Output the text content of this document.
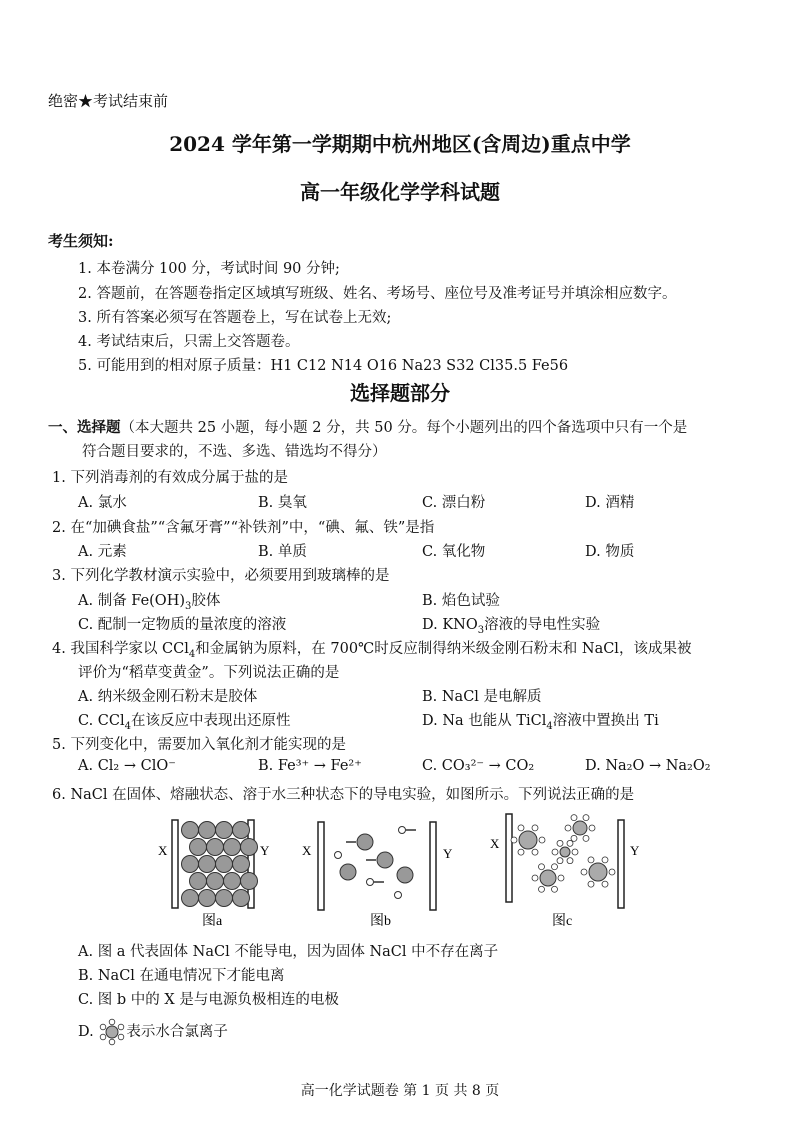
绝密★考试结束前
2024 学年第一学期期中杭州地区(含周边)重点中学
高一年级化学学科试题
考生须知:
1. 本卷满分 100 分，考试时间 90 分钟;
2. 答题前，在答题卷指定区域填写班级、姓名、考场号、座位号及准考证号并填涂相应数字。
3. 所有答案必须写在答题卷上，写在试卷上无效;
4. 考试结束后，只需上交答题卷。
5. 可能用到的相对原子质量：H1 C12 N14 O16 Na23 S32 Cl35.5 Fe56
选择题部分
一、选择题（本大题共 25 小题，每小题 2 分，共 50 分。每个小题列出的四个备选项中只有一个是
符合题目要求的，不选、多选、错选均不得分）
1. 下列消毒剂的有效成分属于盐的是
A. 氯水	B. 臭氧	C. 漂白粉	D. 酒精
2. 在“加碘食盐”“含氟牙膏”“补铁剂”中，“碘、氟、铁”是指
A. 元素	B. 单质	C. 氧化物	D. 物质
3. 下列化学教材演示实验中，必须要用到玻璃棒的是
A. 制备 $Fe(OH)_3$胶体	B. 焰色试验
C. 配制一定物质的量浓度的溶液	D. $KNO_3$溶液的导电性实验
4. 我国科学家以 CCl$_4$和金属钠为原料，在 700℃时反应制得纳米级金刚石粉末和 NaCl，该成果被
评价为“稻草变黄金”。下列说法正确的是
A. 纳米级金刚石粉末是胶体	B. NaCl 是电解质
C. CCl$_4$在该反应中表现出还原性	D. Na 也能从 TiCl$_4$溶液中置换出 Ti
5. 下列变化中，需要加入氧化剂才能实现的是
A. Cl₂ → ClO⁻	B. Fe³⁺ → Fe²⁺	C. CO₃²⁻ → CO₂	D. Na₂O → Na₂O₂
6. NaCl 在固体、熔融状态、溶于水三种状态下的导电实验，如图所示。下列说法正确的是
X	Y	X	Y
X	Y
图a	图b	图c
A. 图 a 代表固体 NaCl 不能导电，因为固体 NaCl 中不存在离子
B. NaCl 在通电情况下才能电离
C. 图 b 中的 X 是与电源负极相连的电极
D. 表示水合氯离子
高一化学试题卷 第 1 页 共 8 页
